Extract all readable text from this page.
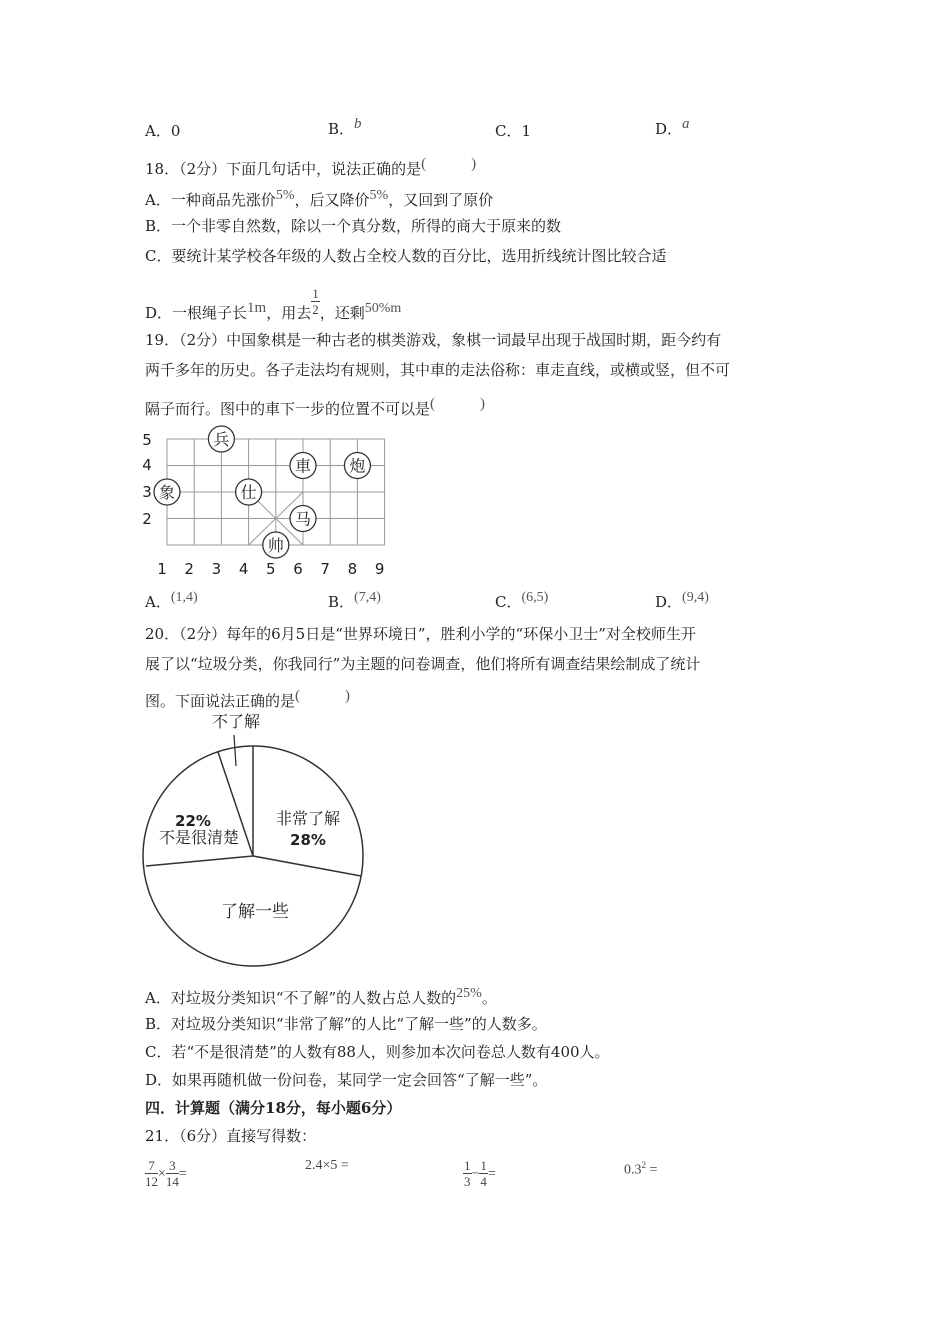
A．0	B．b	C．1	D．a
18．（2分）下面几句话中，说法正确的是(　　　)
A．一种商品先涨价5%，后又降价5%，又回到了原价
B．一个非零自然数，除以一个真分数，所得的商大于原来的数
C．要统计某学校各年级的人数占全校人数的百分比，选用折线统计图比较合适
D．一根绳子长1m，用去 $\frac{1}{2}$ ，还剩50%m
19．（2分）中国象棋是一种古老的棋类游戏，象棋一词最早出现于战国时期，距今约有
两千多年的历史。各子走法均有规则，其中車的走法俗称：車走直线，或横或竖，但不可
隔子而行。图中的車下一步的位置不可以是(　　　)
5
4
3
2
1 2 3 4 5 6 7 8 9
兵
車 炮
象	仕
马
帅
A．(1,4)	B．(7,4)	C．(6,5)	D．(9,4)
20．（2分）每年的6月5日是“世界环境日”，胜利小学的“环保小卫士”对全校师生开
展了以“垃圾分类，你我同行”为主题的问卷调查，他们将所有调查结果绘制成了统计
图。下面说法正确的是(　　　)
不了解
非常了解
28%
22%
不是很清楚
了解一些
A．对垃圾分类知识“不了解”的人数占总人数的25%。
B．对垃圾分类知识“非常了解”的人比“了解一些”的人数多。
C．若“不是很清楚”的人数有88人，则参加本次问卷总人数有400人。
D．如果再随机做一份问卷，某同学一定会回答“了解一些”。
四．计算题（满分18分，每小题6分）
21．（6分）直接写得数：
$\frac{7}{12} \times \frac{3}{14}$ =
2.4×5 =	$\frac{1}{3} - \frac{1}{4}$ =	$0.3^2$ =
